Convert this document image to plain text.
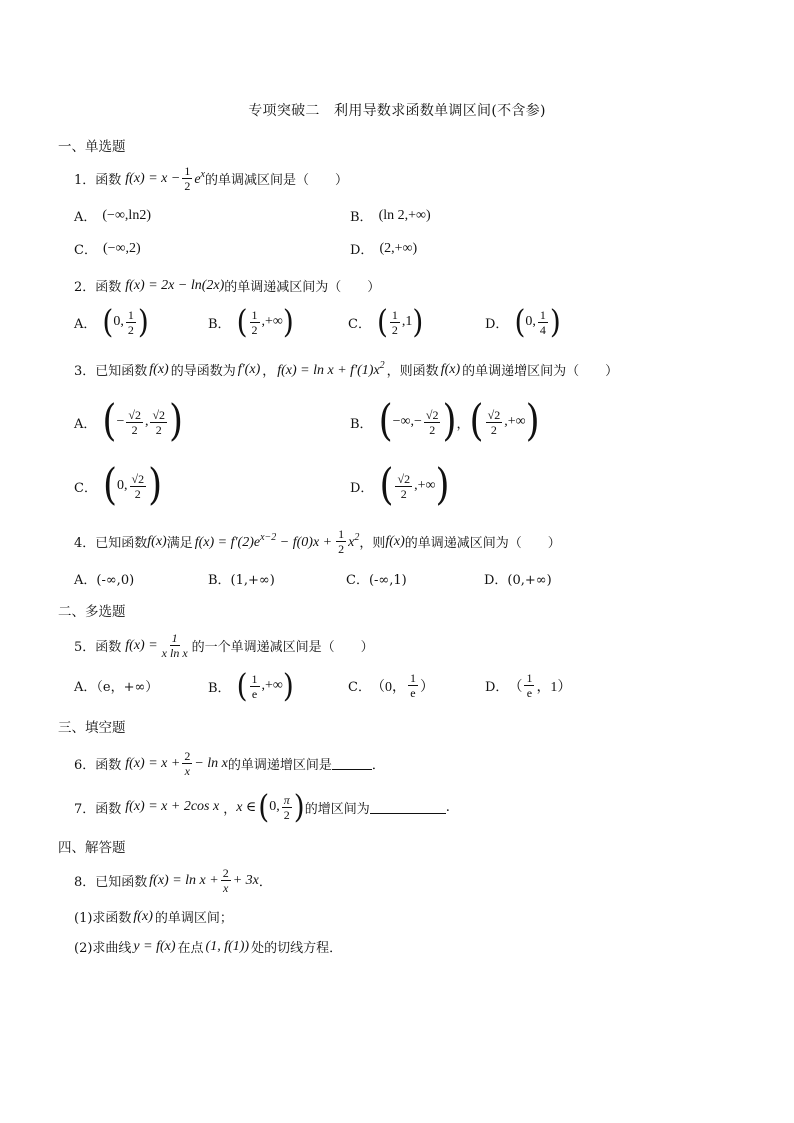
专项突破二　利用导数求函数单调区间(不含参)
一、单选题
1．函数 f $(x) = x - \frac{1}{2} e^x$ 的单调减区间是（　　）
A． (−∞,ln2)	B． (ln 2,+∞)
C． (−∞,2)	D． (2,+∞)
2．函数 f(x) = 2x − ln(2x) 的单调递减区间为（　　）
A． ( 0, $\frac{1}{2}$ )	B． ( $\frac{1}{2}$ ,+∞ )	C． ( $\frac{1}{2} ,1$ )	D． ( 0, $\frac{1}{4}$ )
3．已知函数 f(x) 的导函数为 f′(x) ， $f(x) = \ln x + f'(1)x^2$ ，则函数 f(x) 的单调递增区间为（　　）
A． ( − $\frac{√2}{2}$ , $\frac{√2}{2}$ )	B． ( −∞,− $\frac{√2}{2}$ ) ， ( $\frac{√2}{2}$ ,+∞ )
C． ( 0, $\frac{√2}{2}$ )	D． ( $\frac{√2}{2}$ ,+∞ )
4．已知函数 f(x) 满足 $f(x) = f'(2)e^{x-2} - f(0)x + \frac{1}{2} x^2$ ，则 f(x) 的单调递减区间为（　　）
A．(-∞,0)	B．(1,+∞)	C．(-∞,1)	D．(0,+∞)
二、多选题
5．函数 $f(x) = \frac{1}{\text{x ln x}}$ 的一个单调递减区间是（　　）
A．（e，+∞）	B． ( $\frac{1}{e}$ ,+∞ )	C． （0， $\frac{1}{e}$ ）	D． （ $\frac{1}{e}$ ，1）
三、填空题
6．函数 $f(x) = x + \frac{2}{x} - \ln x$ 的单调递增区间是	．
7．函数 f(x) = x + 2cos x ， x ∈ ( 0, $\frac{\pi}{2}$ ) 的增区间为	.
四、解答题
8．已知函数 $f(x) = \ln x + \frac{2}{x} + 3x$ ．
(1)求函数 f(x) 的单调区间；
(2)求曲线 y = f(x) 在点 (1, f(1)) 处的切线方程．
